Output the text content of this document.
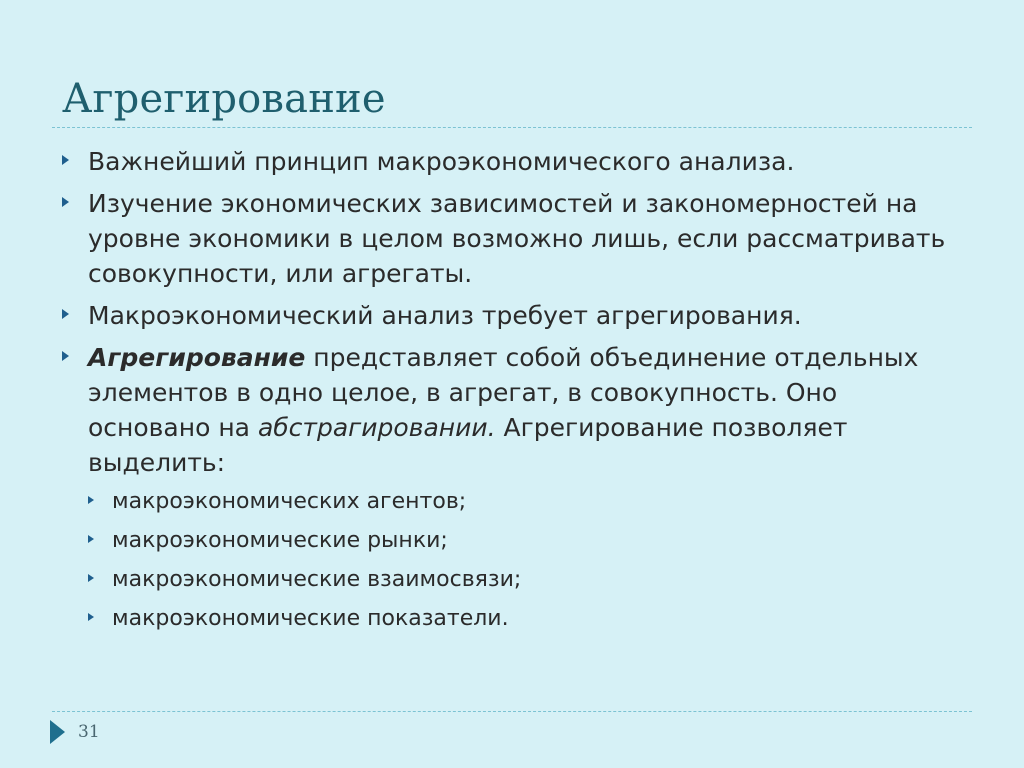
Агрегирование
Важнейший принцип макроэкономического анализа.
Изучение экономических зависимостей и закономерностей на уровне экономики в целом возможно лишь, если рассматривать совокупности, или агрегаты.
Макроэкономический анализ требует агрегирования.
Агрегирование представляет собой объединение отдельных элементов в одно целое, в агрегат, в совокупность. Оно основано на абстрагировании. Агрегирование позволяет выделить:
макроэкономических агентов;
макроэкономические рынки;
макроэкономические взаимосвязи;
макроэкономические показатели.
31
